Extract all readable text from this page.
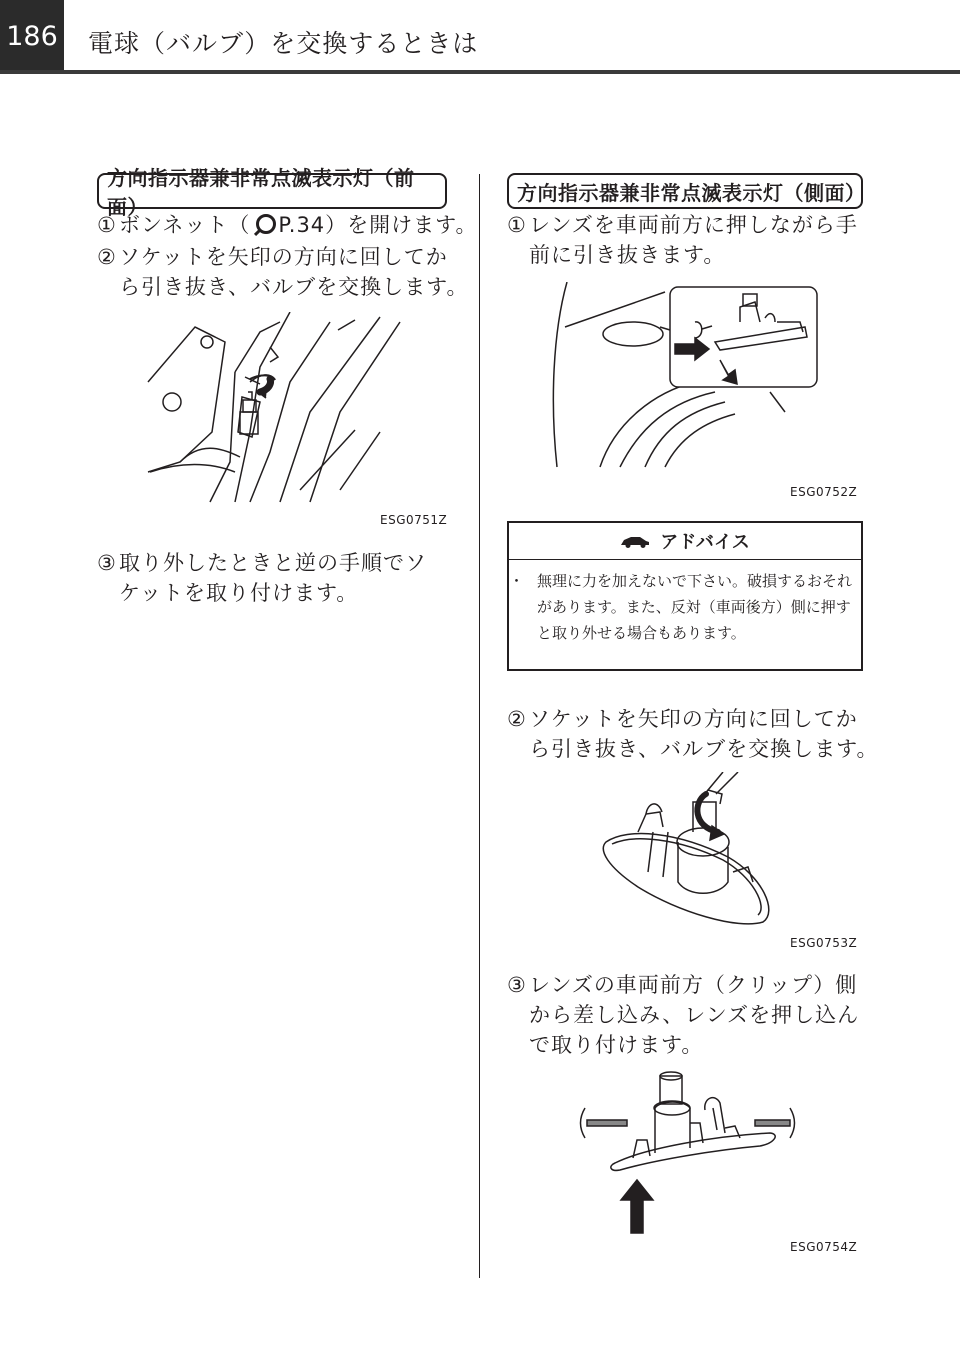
186 電球（バルブ）を交換するときは
方向指示器兼非常点滅表示灯（前面）
① ボンネット（ P.34）を開けます。
② ソケットを矢印の方向に回してか
ら引き抜き、バルブを交換します。
ESG0751Z
③ 取り外したときと逆の手順でソ
ケットを取り付けます。
方向指示器兼非常点滅表示灯（側面）
① レンズを車両前方に押しながら手
前に引き抜きます。
ESG0752Z
アドバイス
・ 無理に力を加えないで下さい。破損するおそれがあります。また、反対（車両後方）側に押すと取り外せる場合もあります。
② ソケットを矢印の方向に回してか
ら引き抜き、バルブを交換します。
ESG0753Z
③ レンズの車両前方（クリップ）側
から差し込み、レンズを押し込ん
で取り付けます。
ESG0754Z
